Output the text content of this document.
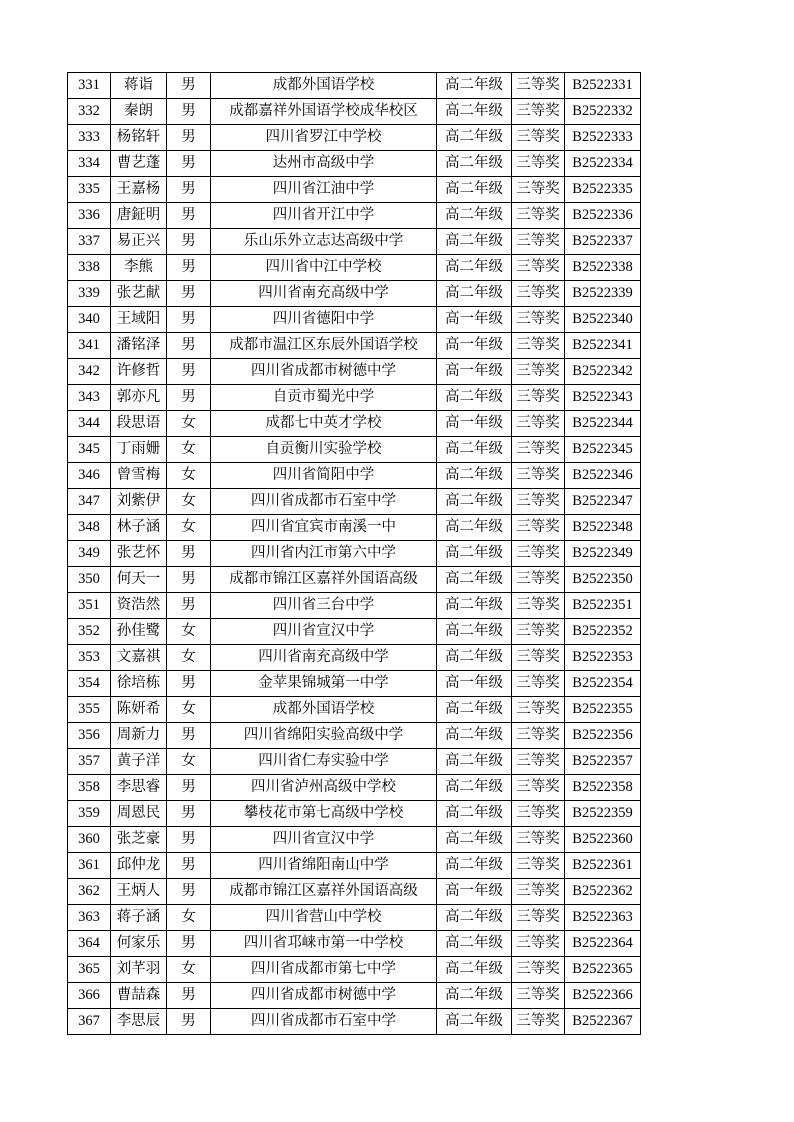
331	蒋诣	男	成都外国语学校	高二年级	三等奖	B2522331
332	秦朗	男	成都嘉祥外国语学校成华校区	高二年级	三等奖	B2522332
333	杨铭轩	男	四川省罗江中学校	高二年级	三等奖	B2522333
334	曹艺蓬	男	达州市高级中学	高二年级	三等奖	B2522334
335	王嘉杨	男	四川省江油中学	高二年级	三等奖	B2522335
336	唐鉦明	男	四川省开江中学	高二年级	三等奖	B2522336
337	易正兴	男	乐山乐外立志达高级中学	高二年级	三等奖	B2522337
338	李熊	男	四川省中江中学校	高二年级	三等奖	B2522338
339	张艺献	男	四川省南充高级中学	高二年级	三等奖	B2522339
340	王域阳	男	四川省德阳中学	高一年级	三等奖	B2522340
341	潘铭泽	男	成都市温江区东辰外国语学校	高一年级	三等奖	B2522341
342	许修哲	男	四川省成都市树德中学	高一年级	三等奖	B2522342
343	郭亦凡	男	自贡市蜀光中学	高二年级	三等奖	B2522343
344	段思语	女	成都七中英才学校	高一年级	三等奖	B2522344
345	丁雨姗	女	自贡衡川实验学校	高二年级	三等奖	B2522345
346	曾雪梅	女	四川省简阳中学	高二年级	三等奖	B2522346
347	刘紫伊	女	四川省成都市石室中学	高二年级	三等奖	B2522347
348	林子涵	女	四川省宜宾市南溪一中	高二年级	三等奖	B2522348
349	张艺怀	男	四川省内江市第六中学	高二年级	三等奖	B2522349
350	何天一	男	成都市锦江区嘉祥外国语高级	高二年级	三等奖	B2522350
351	资浩然	男	四川省三台中学	高二年级	三等奖	B2522351
352	孙佳鹭	女	四川省宣汉中学	高二年级	三等奖	B2522352
353	文嘉祺	女	四川省南充高级中学	高二年级	三等奖	B2522353
354	徐培栋	男	金苹果锦城第一中学	高一年级	三等奖	B2522354
355	陈妍希	女	成都外国语学校	高二年级	三等奖	B2522355
356	周新力	男	四川省绵阳实验高级中学	高二年级	三等奖	B2522356
357	黄子洋	女	四川省仁寿实验中学	高二年级	三等奖	B2522357
358	李思睿	男	四川省泸州高级中学校	高二年级	三等奖	B2522358
359	周恩民	男	攀枝花市第七高级中学校	高二年级	三等奖	B2522359
360	张芝豪	男	四川省宣汉中学	高二年级	三等奖	B2522360
361	邱仲龙	男	四川省绵阳南山中学	高二年级	三等奖	B2522361
362	王炳人	男	成都市锦江区嘉祥外国语高级	高一年级	三等奖	B2522362
363	蒋子涵	女	四川省营山中学校	高二年级	三等奖	B2522363
364	何家乐	男	四川省邛崃市第一中学校	高二年级	三等奖	B2522364
365	刘芊羽	女	四川省成都市第七中学	高二年级	三等奖	B2522365
366	曹喆森	男	四川省成都市树德中学	高二年级	三等奖	B2522366
367	李思辰	男	四川省成都市石室中学	高二年级	三等奖	B2522367
